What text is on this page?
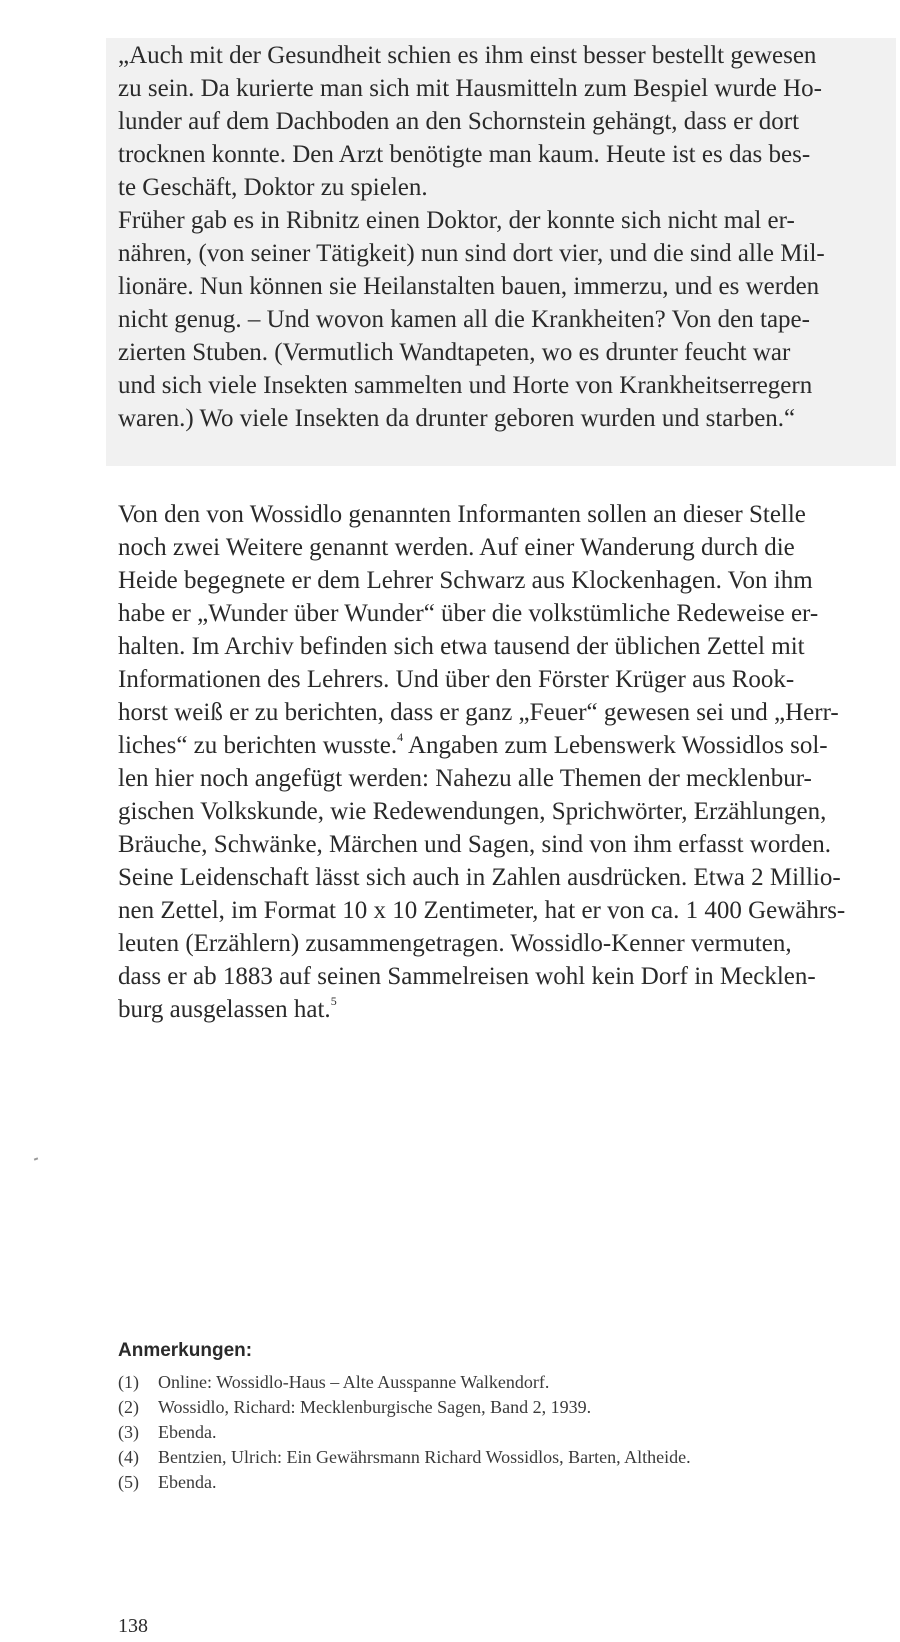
„Auch mit der Gesundheit schien es ihm einst besser bestellt gewesen
zu sein. Da kurierte man sich mit Hausmitteln zum Bespiel wurde Ho-
lunder auf dem Dachboden an den Schornstein gehängt, dass er dort
trocknen konnte. Den Arzt benötigte man kaum. Heute ist es das bes-
te Geschäft, Doktor zu spielen.
Früher gab es in Ribnitz einen Doktor, der konnte sich nicht mal er-
nähren, (von seiner Tätigkeit) nun sind dort vier, und die sind alle Mil-
lionäre. Nun können sie Heilanstalten bauen, immerzu, und es werden
nicht genug. – Und wovon kamen all die Krankheiten? Von den tape-
zierten Stuben. (Vermutlich Wandtapeten, wo es drunter feucht war
und sich viele Insekten sammelten und Horte von Krankheitserregern
waren.) Wo viele Insekten da drunter geboren wurden und starben.“
Von den von Wossidlo genannten Informanten sollen an dieser Stelle
noch zwei Weitere genannt werden. Auf einer Wanderung durch die
Heide begegnete er dem Lehrer Schwarz aus Klockenhagen. Von ihm
habe er „Wunder über Wunder“ über die volkstümliche Redeweise er-
halten. Im Archiv befinden sich etwa tausend der üblichen Zettel mit
Informationen des Lehrers. Und über den Förster Krüger aus Rook-
horst weiß er zu berichten, dass er ganz „Feuer“ gewesen sei und „Herr-
liches“ zu berichten wusste.$^4$ Angaben zum Lebenswerk Wossidlos sol-
len hier noch angefügt werden: Nahezu alle Themen der mecklenbur-
gischen Volkskunde, wie Redewendungen, Sprichwörter, Erzählungen,
Bräuche, Schwänke, Märchen und Sagen, sind von ihm erfasst worden.
Seine Leidenschaft lässt sich auch in Zahlen ausdrücken. Etwa 2 Millio-
nen Zettel, im Format 10 x 10 Zentimeter, hat er von ca. 1 400 Gewährs-
leuten (Erzählern) zusammengetragen. Wossidlo-Kenner vermuten,
dass er ab 1883 auf seinen Sammelreisen wohl kein Dorf in Mecklen-
burg ausgelassen hat.$^5$
Anmerkungen:
(1) Online: Wossidlo-Haus – Alte Ausspanne Walkendorf.
(2) Wossidlo, Richard: Mecklenburgische Sagen, Band 2, 1939.
(3) Ebenda.
(4) Bentzien, Ulrich: Ein Gewährsmann Richard Wossidlos, Barten, Altheide.
(5) Ebenda.
138
